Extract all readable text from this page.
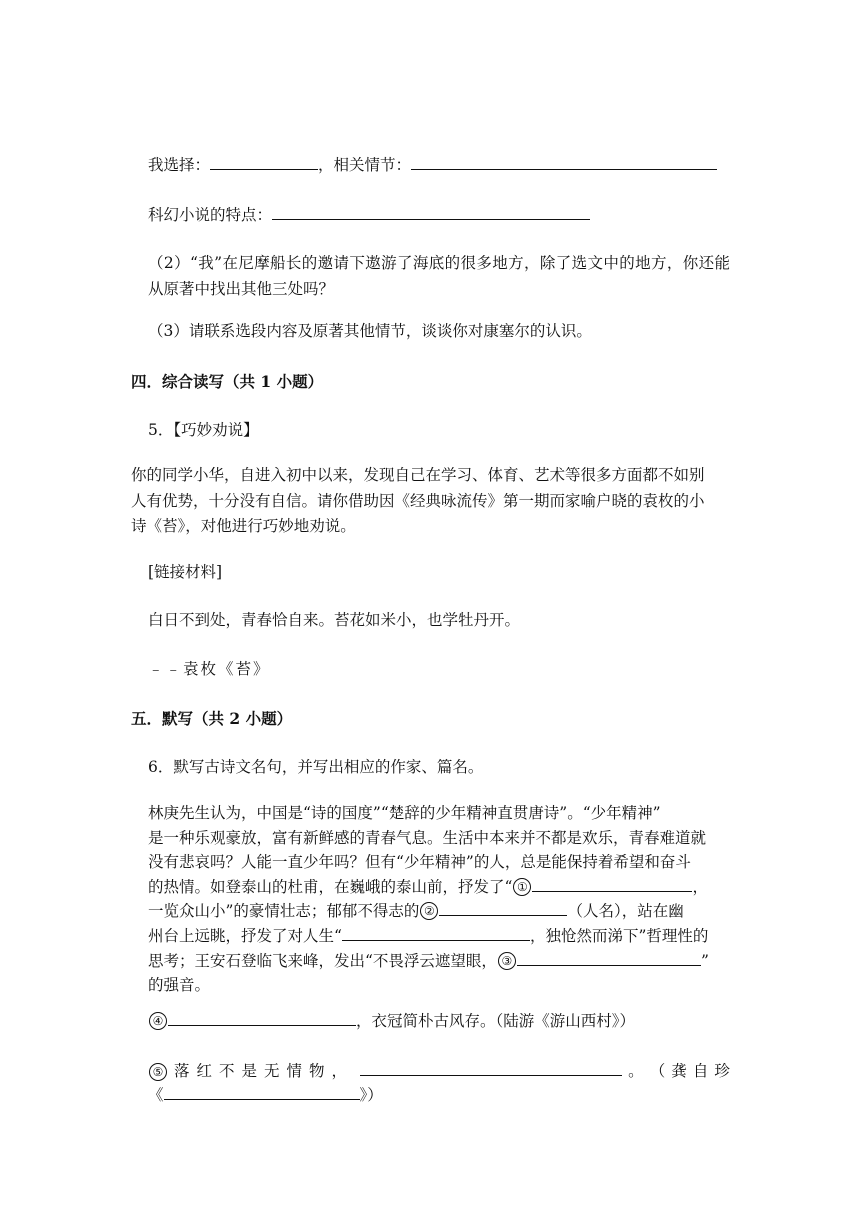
我选择：	，相关情节：
科幻小说的特点：
（2）“我”在尼摩船长的邀请下遨游了海底的很多地方，除了选文中的地方，你还能从原著中找出其他三处吗？
（3）请联系选段内容及原著其他情节，谈谈你对康塞尔的认识。
四．综合读写（共 1 小题）
5．【巧妙劝说】
你的同学小华，自进入初中以来，发现自己在学习、体育、艺术等很多方面都不如别
人有优势，十分没有自信。请你借助因《经典咏流传》第一期而家喻户晓的袁枚的小
诗《苔》，对他进行巧妙地劝说。
[链接材料]
白日不到处，青春恰自来。苔花如米小，也学牡丹开。
﹣﹣袁枚《苔》
五．默写（共 2 小题）
6．默写古诗文名句，并写出相应的作家、篇名。
林庚先生认为，中国是“诗的国度”“楚辞的少年精神直贯唐诗”。“少年精神”
是一种乐观豪放，富有新鲜感的青春气息。生活中本来并不都是欢乐，青春难道就
没有悲哀吗？人能一直少年吗？但有“少年精神”的人，总是能保持着希望和奋斗
的热情。如登泰山的杜甫，在巍峨的泰山前，抒发了“ ①	，
一览众山小”的豪情壮志；郁郁不得志的 ②	（人名），站在幽
州台上远眺，抒发了对人生“	，独怆然而涕下”哲理性的
思考；王安石登临飞来峰，发出“不畏浮云遮望眼， ③	”
的强音。
④	，衣冠简朴古风存。（陆游《游山西村》）
⑤ 落红不是无情物，	。 （ 龚 自 珍
《	》）
